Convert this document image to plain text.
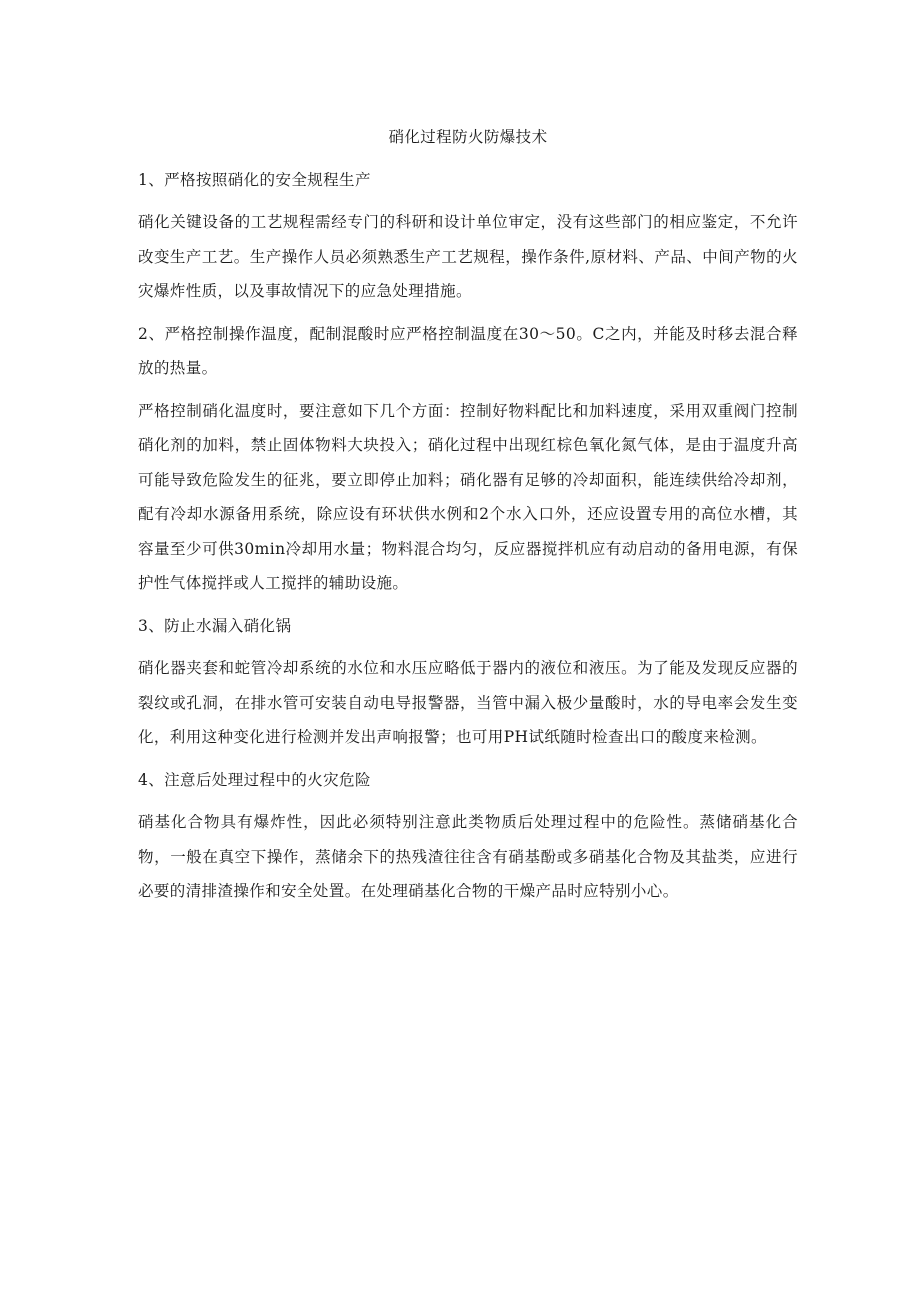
硝化过程防火防爆技术
1、严格按照硝化的安全规程生产
硝化关键设备的工艺规程需经专门的科研和设计单位审定，没有这些部门的相应鉴定，不允许改变生产工艺。生产操作人员必须熟悉生产工艺规程，操作条件,原材料、产品、中间产物的火灾爆炸性质，以及事故情况下的应急处理措施。
2、严格控制操作温度，配制混酸时应严格控制温度在30～50。C之内，并能及时移去混合释放的热量。
严格控制硝化温度时，要注意如下几个方面：控制好物料配比和加料速度，采用双重阀门控制硝化剂的加料，禁止固体物料大块投入；硝化过程中出现红棕色氧化氮气体，是由于温度升高可能导致危险发生的征兆，要立即停止加料；硝化器有足够的冷却面积，能连续供给冷却剂，配有冷却水源备用系统，除应设有环状供水例和2个水入口外，还应设置专用的高位水槽，其容量至少可供30min冷却用水量；物料混合均匀，反应器搅拌机应有动启动的备用电源，有保护性气体搅拌或人工搅拌的辅助设施。
3、防止水漏入硝化锅
硝化器夹套和蛇管冷却系统的水位和水压应略低于器内的液位和液压。为了能及发现反应器的裂纹或孔洞，在排水管可安装自动电导报警器，当管中漏入极少量酸时，水的导电率会发生变化，利用这种变化进行检测并发出声响报警；也可用PH试纸随时检查出口的酸度来检测。
4、注意后处理过程中的火灾危险
硝基化合物具有爆炸性，因此必须特别注意此类物质后处理过程中的危险性。蒸储硝基化合物，一般在真空下操作，蒸储余下的热残渣往往含有硝基酚或多硝基化合物及其盐类，应进行必要的清排渣操作和安全处置。在处理硝基化合物的干燥产品时应特别小心。
